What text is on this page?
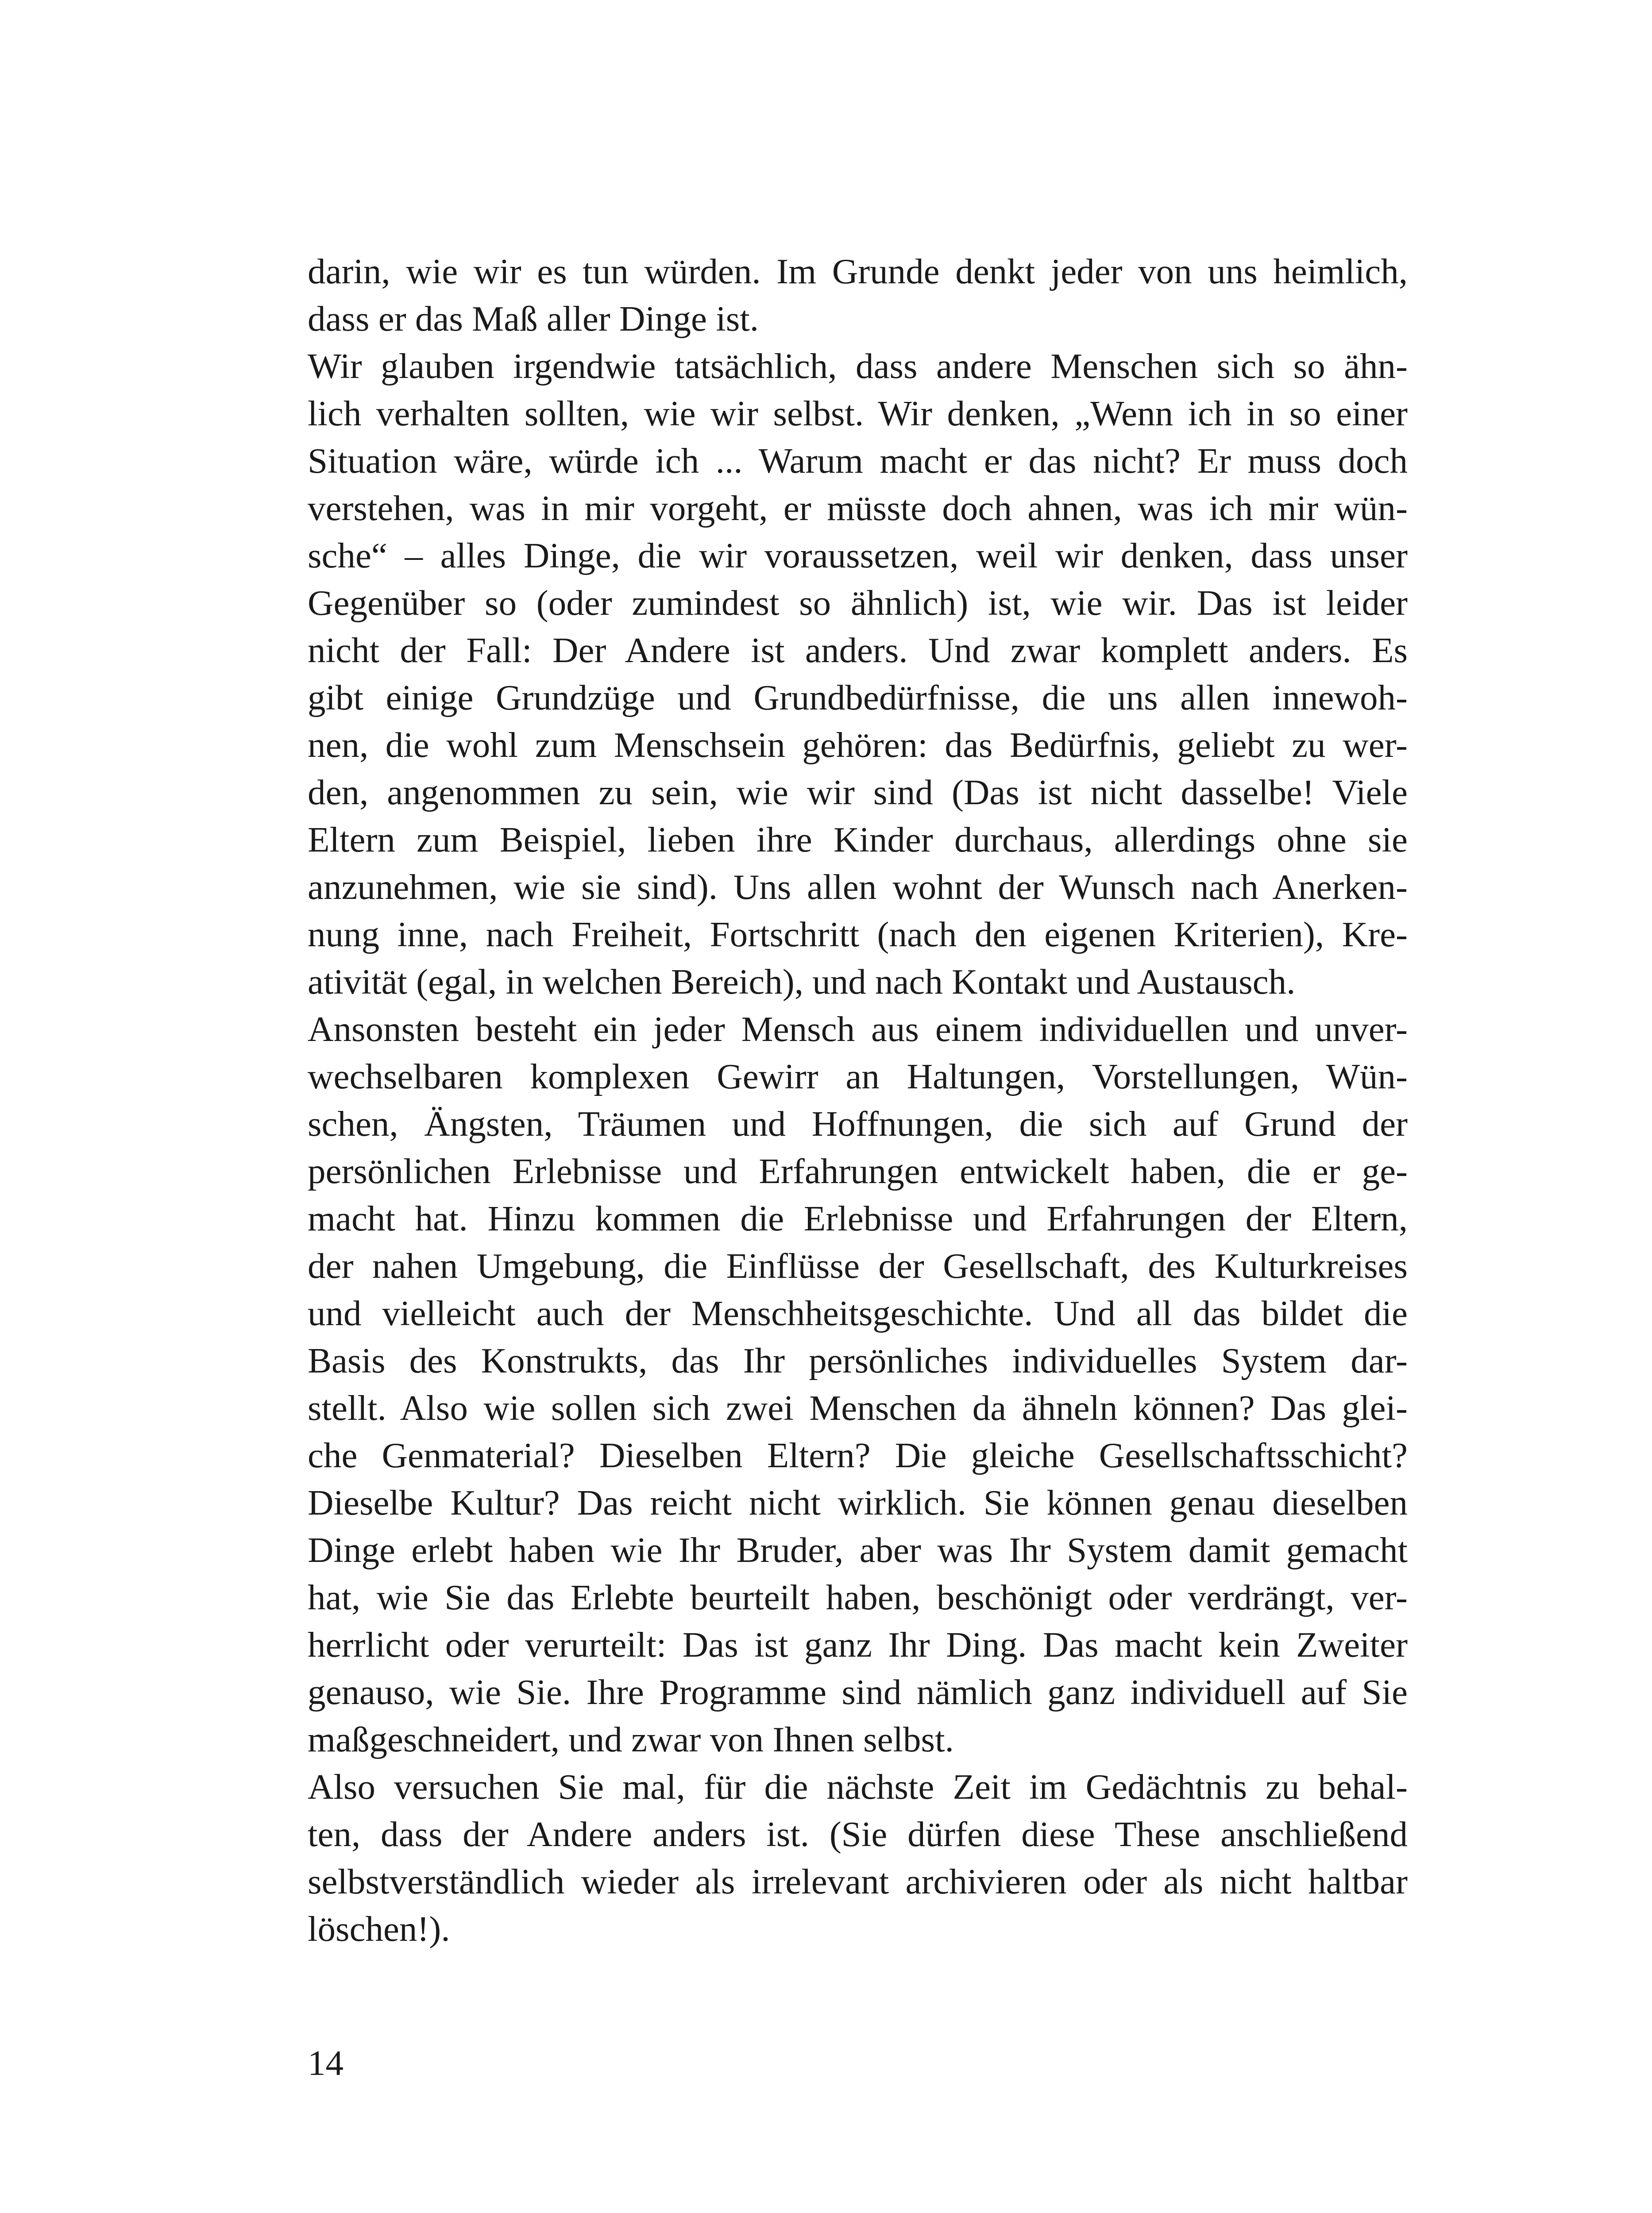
darin, wie wir es tun würden. Im Grunde denkt jeder von uns heimlich,
dass er das Maß aller Dinge ist.
Wir glauben irgendwie tatsächlich, dass andere Menschen sich so ähn-
lich verhalten sollten, wie wir selbst. Wir denken, „Wenn ich in so einer
Situation wäre, würde ich ... Warum macht er das nicht? Er muss doch
verstehen, was in mir vorgeht, er müsste doch ahnen, was ich mir wün-
sche“ – alles Dinge, die wir voraussetzen, weil wir denken, dass unser
Gegenüber so (oder zumindest so ähnlich) ist, wie wir. Das ist leider
nicht der Fall: Der Andere ist anders. Und zwar komplett anders. Es
gibt einige Grundzüge und Grundbedürfnisse, die uns allen innewoh-
nen, die wohl zum Menschsein gehören: das Bedürfnis, geliebt zu wer-
den, angenommen zu sein, wie wir sind (Das ist nicht dasselbe! Viele
Eltern zum Beispiel, lieben ihre Kinder durchaus, allerdings ohne sie
anzunehmen, wie sie sind). Uns allen wohnt der Wunsch nach Anerken-
nung inne, nach Freiheit, Fortschritt (nach den eigenen Kriterien), Kre-
ativität (egal, in welchen Bereich), und nach Kontakt und Austausch.
Ansonsten besteht ein jeder Mensch aus einem individuellen und unver-
wechselbaren komplexen Gewirr an Haltungen, Vorstellungen, Wün-
schen, Ängsten, Träumen und Hoffnungen, die sich auf Grund der
persönlichen Erlebnisse und Erfahrungen entwickelt haben, die er ge-
macht hat. Hinzu kommen die Erlebnisse und Erfahrungen der Eltern,
der nahen Umgebung, die Einflüsse der Gesellschaft, des Kulturkreises
und vielleicht auch der Menschheitsgeschichte. Und all das bildet die
Basis des Konstrukts, das Ihr persönliches individuelles System dar-
stellt. Also wie sollen sich zwei Menschen da ähneln können? Das glei-
che Genmaterial? Dieselben Eltern? Die gleiche Gesellschaftsschicht?
Dieselbe Kultur? Das reicht nicht wirklich. Sie können genau dieselben
Dinge erlebt haben wie Ihr Bruder, aber was Ihr System damit gemacht
hat, wie Sie das Erlebte beurteilt haben, beschönigt oder verdrängt, ver-
herrlicht oder verurteilt: Das ist ganz Ihr Ding. Das macht kein Zweiter
genauso, wie Sie. Ihre Programme sind nämlich ganz individuell auf Sie
maßgeschneidert, und zwar von Ihnen selbst.
Also versuchen Sie mal, für die nächste Zeit im Gedächtnis zu behal-
ten, dass der Andere anders ist. (Sie dürfen diese These anschließend
selbstverständlich wieder als irrelevant archivieren oder als nicht haltbar
löschen!).
14
